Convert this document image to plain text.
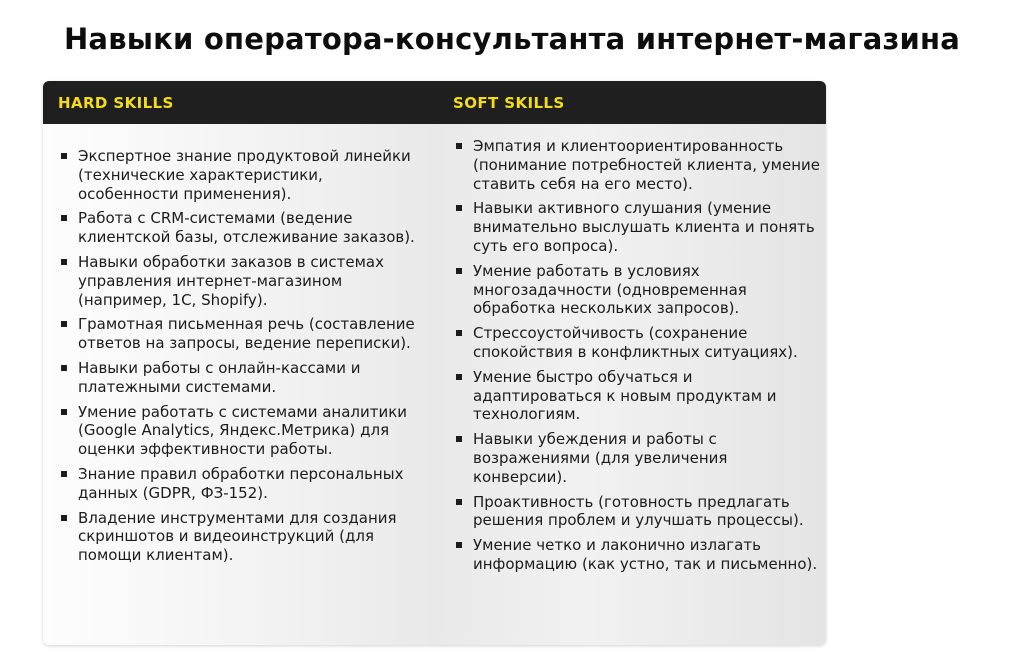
Навыки оператора-консультанта интернет-магазина
HARD SKILLS	SOFT SKILLS
Экспертное знание продуктовой линейки (технические характеристики, особенности применения).
Работа с CRM-системами (ведение клиентской базы, отслеживание заказов).
Навыки обработки заказов в системах управления интернет-магазином (например, 1С, Shopify).
Грамотная письменная речь (составление ответов на запросы, ведение переписки).
Навыки работы с онлайн-кассами и платежными системами.
Умение работать с системами аналитики (Google Analytics, Яндекс.Метрика) для оценки эффективности работы.
Знание правил обработки персональных данных (GDPR, ФЗ-152).
Владение инструментами для создания скриншотов и видеоинструкций (для помощи клиентам).
Эмпатия и клиентоориентированность (понимание потребностей клиента, умение ставить себя на его место).
Навыки активного слушания (умение внимательно выслушать клиента и понять суть его вопроса).
Умение работать в условиях многозадачности (одновременная обработка нескольких запросов).
Стрессоустойчивость (сохранение спокойствия в конфликтных ситуациях).
Умение быстро обучаться и адаптироваться к новым продуктам и технологиям.
Навыки убеждения и работы с возражениями (для увеличения конверсии).
Проактивность (готовность предлагать решения проблем и улучшать процессы).
Умение четко и лаконично излагать информацию (как устно, так и письменно).
